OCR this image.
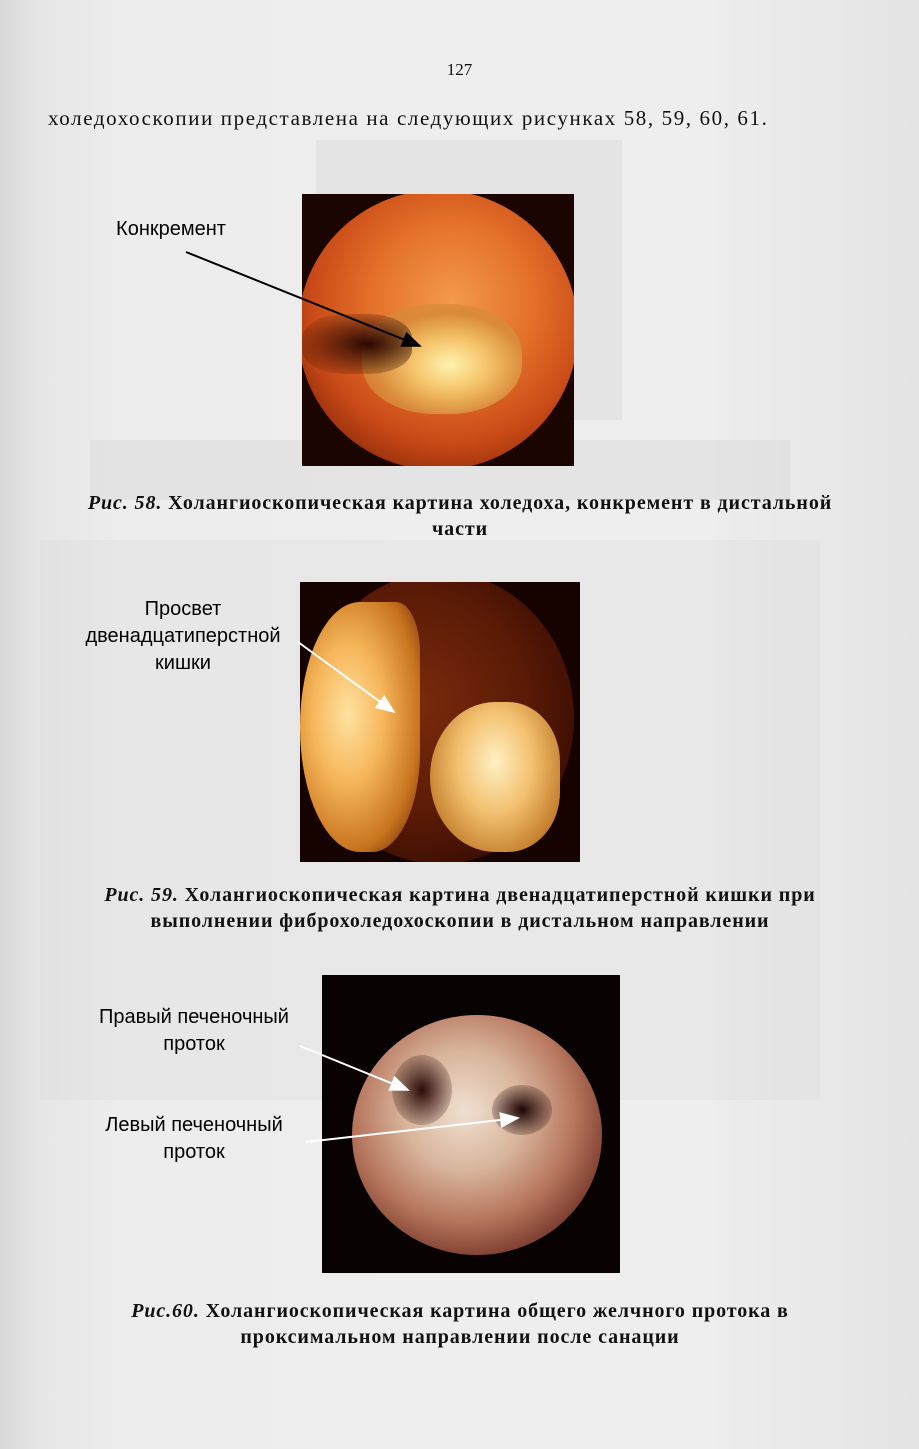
127

холедохоскопии представлена на следующих рисунках 58, 59, 60, 61.

Конкремент
Просвет двенадцатиперстной кишки
Правый печеночный проток
Левый печеночный проток
Рис. 58. Холангиоскопическая картина холедоха, конкремент в дистальной части
Рис. 59. Холангиоскопическая картина двенадцатиперстной кишки при выполнении фиброхоледохоскопии в дистальном направлении
Рис.60. Холангиоскопическая картина общего желчного протока в проксимальном направлении после санации
